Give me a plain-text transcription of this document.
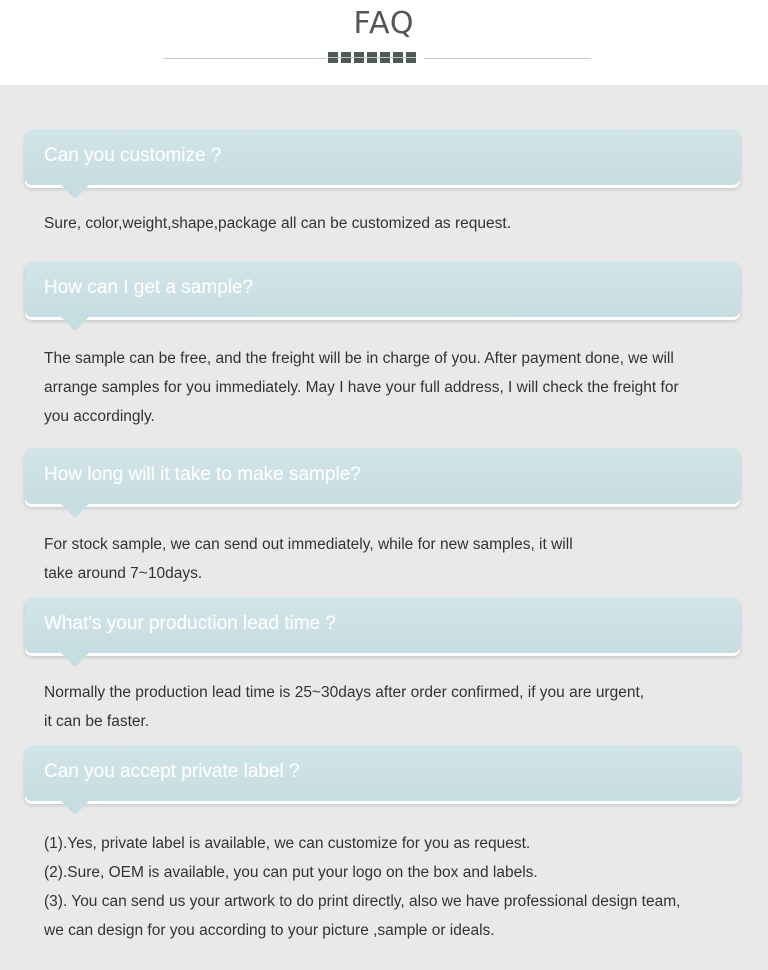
FAQ
Can you customize ?

Sure, color,weight,shape,package all can be customized as request.

How can I get a sample?

The sample can be free, and the freight will be in charge of you. After payment done, we will

arrange samples for you immediately. May I have your full address, I will check the freight for

you accordingly.

How long will it take to make sample?

For stock sample, we can send out immediately, while for new samples, it will

take around 7~10days.

What's your production lead time ?

Normally the production lead time is 25~30days after order confirmed, if you are urgent,

it can be faster.

Can you accept private label ?

(1).Yes, private label is available, we can customize for you as request.

(2).Sure, OEM is available, you can put your logo on the box and labels.

(3). You can send us your artwork to do print directly, also we have professional design team,

we can design for you according to your picture ,sample or ideals.
